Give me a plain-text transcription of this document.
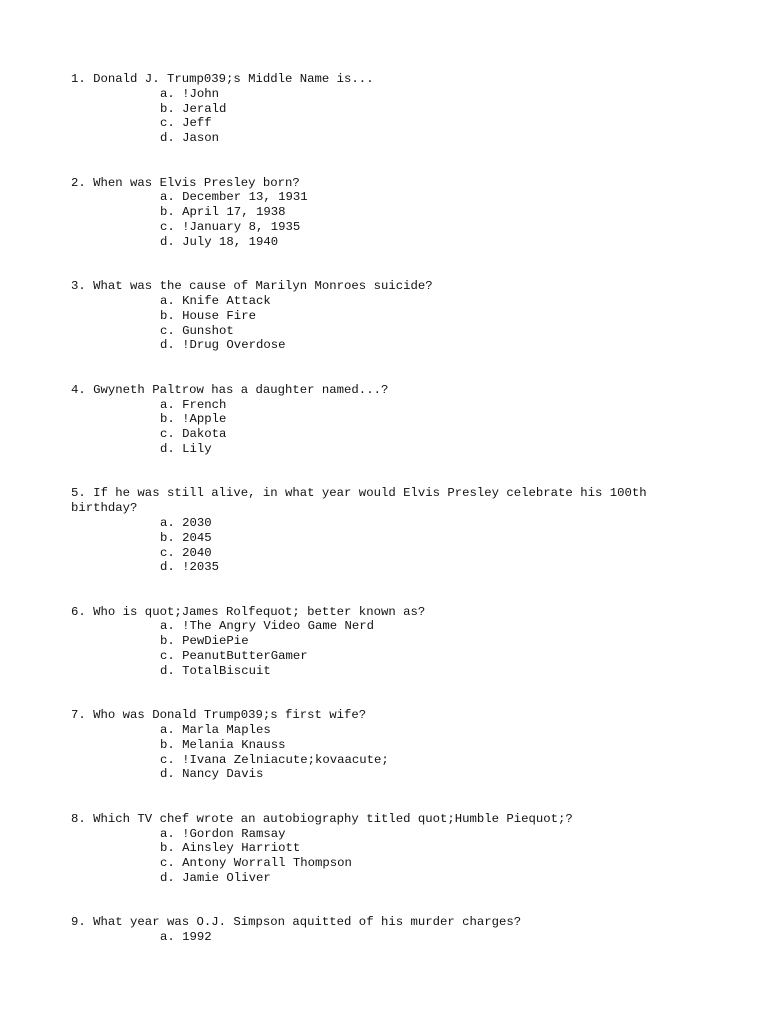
1. Donald J. Trump039;s Middle Name is...
a. !John
b. Jerald
c. Jeff
d. Jason
2. When was Elvis Presley born?
a. December 13, 1931
b. April 17, 1938
c. !January 8, 1935
d. July 18, 1940
3. What was the cause of Marilyn Monroes suicide?
a. Knife Attack
b. House Fire
c. Gunshot
d. !Drug Overdose
4. Gwyneth Paltrow has a daughter named...?
a. French
b. !Apple
c. Dakota
d. Lily
5. If he was still alive, in what year would Elvis Presley celebrate his 100th birthday?
a. 2030
b. 2045
c. 2040
d. !2035
6. Who is quot;James Rolfequot; better known as?
a. !The Angry Video Game Nerd
b. PewDiePie
c. PeanutButterGamer
d. TotalBiscuit
7. Who was Donald Trump039;s first wife?
a. Marla Maples
b. Melania Knauss
c. !Ivana Zelniacute;kovaacute;
d. Nancy Davis
8. Which TV chef wrote an autobiography titled quot;Humble Piequot;?
a. !Gordon Ramsay
b. Ainsley Harriott
c. Antony Worrall Thompson
d. Jamie Oliver
9. What year was O.J. Simpson aquitted of his murder charges?
a. 1992
